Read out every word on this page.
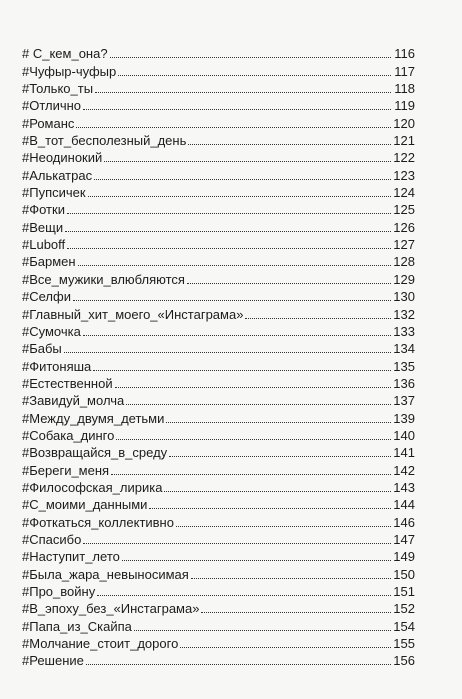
# С_кем_она?	116
#Чуфыр-чуфыр	117
#Только_ты	118
#Отлично	119
#Романс	120
#В_тот_бесполезный_день	121
#Неодинокий	122
#Алькатрас	123
#Пупсичек	124
#Фотки	125
#Вещи	126
#Luboff	127
#Бармен	128
#Все_мужики_влюбляются	129
#Селфи	130
#Главный_хит_моего_«Инстаграма»	132
#Сумочка	133
#Бабы	134
#Фитоняша	135
#Естественной	136
#Завидуй_молча	137
#Между_двумя_детьми	139
#Собака_динго	140
#Возвращайся_в_среду	141
#Береги_меня	142
#Философская_лирика	143
#С_моими_данными	144
#Фоткаться_коллективно	146
#Спасибо	147
#Наступит_лето	149
#Была_жара_невыносимая	150
#Про_войну	151
#В_эпоху_без_«Инстаграма»	152
#Папа_из_Скайпа	154
#Молчание_стоит_дорого	155
#Решение	156
